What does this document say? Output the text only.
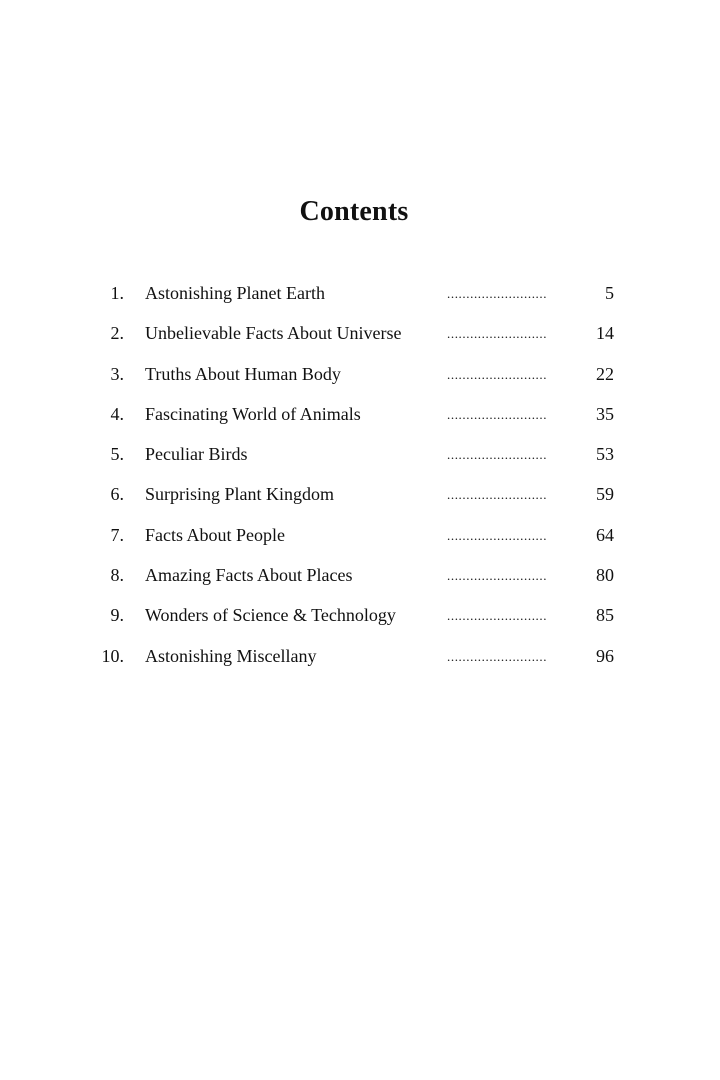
Contents
1. Astonishing Planet Earth	..........................	5
2. Unbelievable Facts About Universe	..........................	14
3. Truths About Human Body	..........................	22
4. Fascinating World of Animals	..........................	35
5. Peculiar Birds	..........................	53
6. Surprising Plant Kingdom	..........................	59
7. Facts About People	..........................	64
8. Amazing Facts About Places	..........................	80
9. Wonders of Science & Technology	..........................	85
10. Astonishing Miscellany	..........................	96
